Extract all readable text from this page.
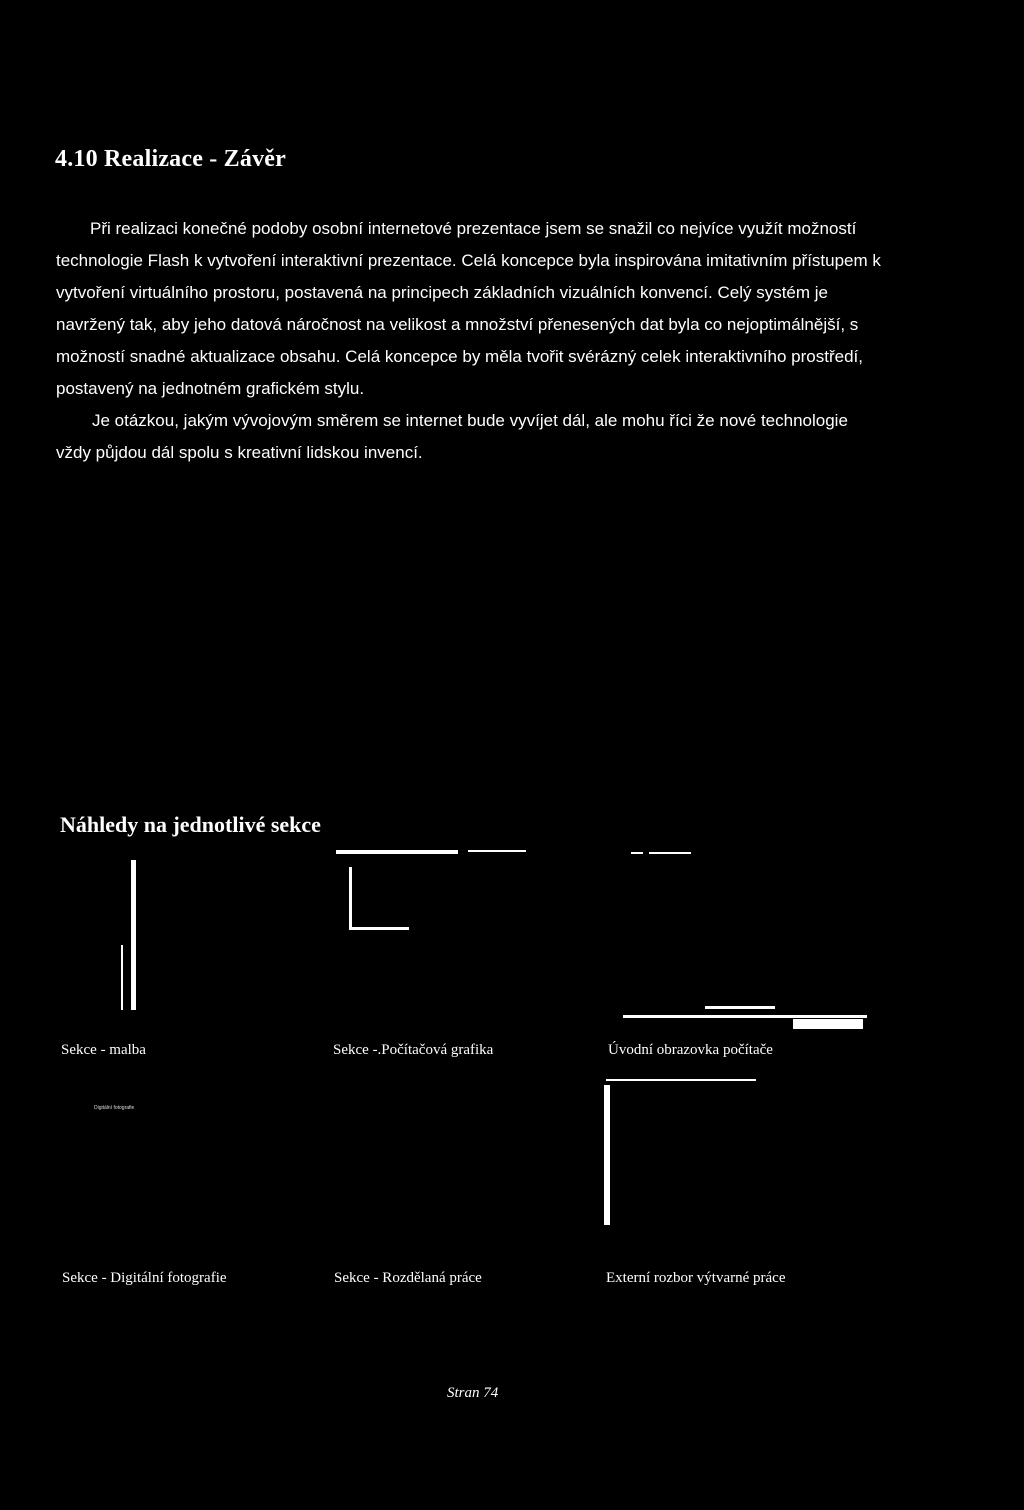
4.10 Realizace - Závěr

Při realizaci konečné podoby osobní internetové prezentace jsem se snažil co nejvíce využít možností technologie Flash k vytvoření interaktivní prezentace. Celá koncepce byla inspirována imitativním přístupem k vytvoření virtuálního prostoru, postavená na principech základních vizuálních konvencí. Celý systém je navržený tak, aby jeho datová náročnost na velikost a množství přenesených dat byla co nejoptimálnější, s možností snadné aktualizace obsahu. Celá koncepce by měla tvořit svérázný celek interaktivního prostředí, postavený na jednotném grafickém stylu.

Je otázkou, jakým vývojovým směrem se internet bude vyvíjet dál, ale mohu říci že nové technologie vždy půjdou dál spolu s kreativní lidskou invencí.

Náhledy na jednotlivé sekce
Sekce - malba	Sekce -.Počítačová grafika	Úvodní obrazovka počítače
Digitální fotografie
Sekce - Digitální fotografie	Sekce - Rozdělaná práce	Externí rozbor výtvarné práce
Stran 74
